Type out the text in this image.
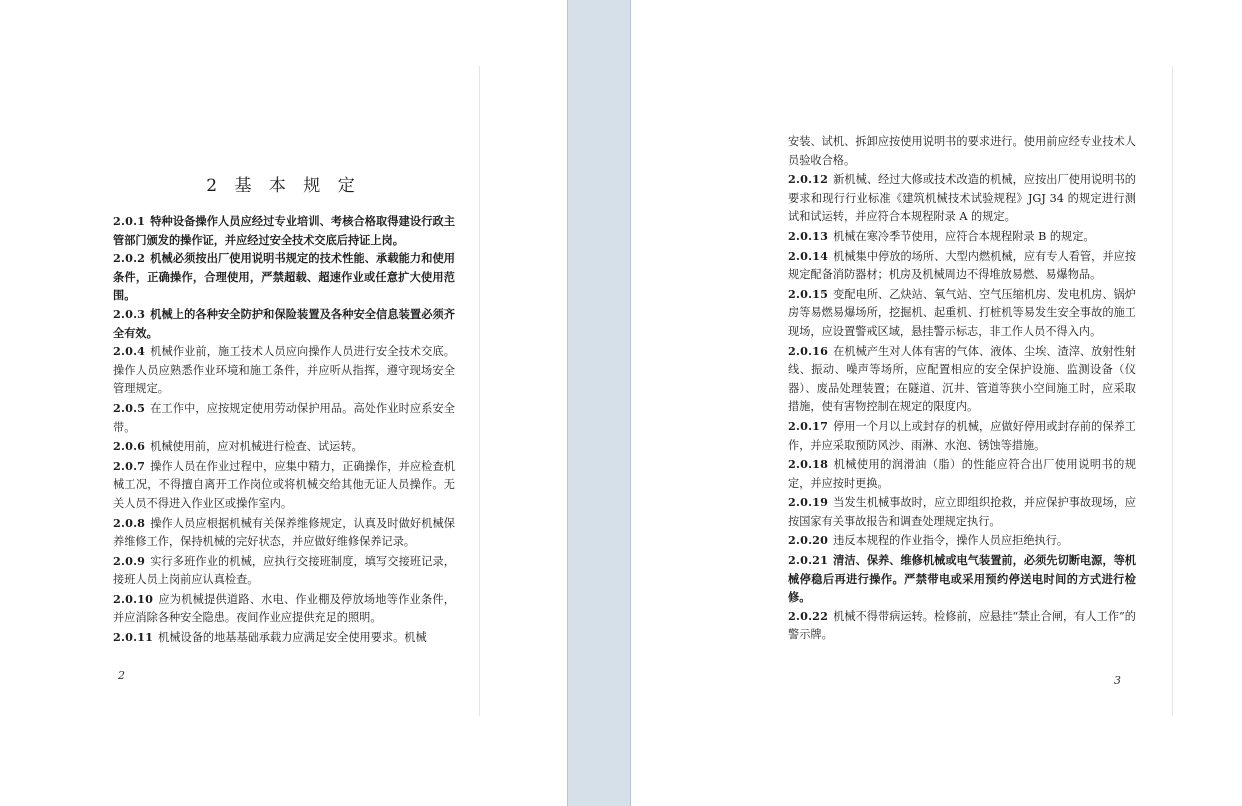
2 基 本 规 定

2.0.1 特种设备操作人员应经过专业培训、考核合格取得建设行政主管部门颁发的操作证，并应经过安全技术交底后持证上岗。

2.0.2 机械必须按出厂使用说明书规定的技术性能、承载能力和使用条件，正确操作，合理使用，严禁超载、超速作业或任意扩大使用范围。

2.0.3 机械上的各种安全防护和保险装置及各种安全信息装置必须齐全有效。

2.0.4 机械作业前，施工技术人员应向操作人员进行安全技术交底。操作人员应熟悉作业环境和施工条件，并应听从指挥，遵守现场安全管理规定。

2.0.5 在工作中，应按规定使用劳动保护用品。高处作业时应系安全带。

2.0.6 机械使用前，应对机械进行检查、试运转。

2.0.7 操作人员在作业过程中，应集中精力，正确操作，并应检查机械工况，不得擅自离开工作岗位或将机械交给其他无证人员操作。无关人员不得进入作业区或操作室内。

2.0.8 操作人员应根据机械有关保养维修规定，认真及时做好机械保养维修工作，保持机械的完好状态，并应做好维修保养记录。

2.0.9 实行多班作业的机械，应执行交接班制度，填写交接班记录，接班人员上岗前应认真检查。

2.0.10 应为机械提供道路、水电、作业棚及停放场地等作业条件，并应消除各种安全隐患。夜间作业应提供充足的照明。

2.0.11 机械设备的地基基础承载力应满足安全使用要求。机械

2

安装、试机、拆卸应按使用说明书的要求进行。使用前应经专业技术人员验收合格。

2.0.12 新机械、经过大修或技术改造的机械，应按出厂使用说明书的要求和现行行业标准《建筑机械技术试验规程》JGJ 34 的规定进行测试和试运转，并应符合本规程附录 A 的规定。

2.0.13 机械在寒冷季节使用，应符合本规程附录 B 的规定。

2.0.14 机械集中停放的场所、大型内燃机械，应有专人看管，并应按规定配备消防器材；机房及机械周边不得堆放易燃、易爆物品。

2.0.15 变配电所、乙炔站、氧气站、空气压缩机房、发电机房、锅炉房等易燃易爆场所，挖掘机、起重机、打桩机等易发生安全事故的施工现场，应设置警戒区域，悬挂警示标志，非工作人员不得入内。

2.0.16 在机械产生对人体有害的气体、液体、尘埃、渣滓、放射性射线、振动、噪声等场所，应配置相应的安全保护设施、监测设备（仪器）、废品处理装置；在隧道、沉井、管道等狭小空间施工时，应采取措施，使有害物控制在规定的限度内。

2.0.17 停用一个月以上或封存的机械，应做好停用或封存前的保养工作，并应采取预防风沙、雨淋、水泡、锈蚀等措施。

2.0.18 机械使用的润滑油（脂）的性能应符合出厂使用说明书的规定，并应按时更换。

2.0.19 当发生机械事故时，应立即组织抢救，并应保护事故现场，应按国家有关事故报告和调查处理规定执行。

2.0.20 违反本规程的作业指令，操作人员应拒绝执行。

2.0.21 清洁、保养、维修机械或电气装置前，必须先切断电源，等机械停稳后再进行操作。严禁带电或采用预约停送电时间的方式进行检修。

2.0.22 机械不得带病运转。检修前，应悬挂“禁止合闸，有人工作”的警示牌。

3
